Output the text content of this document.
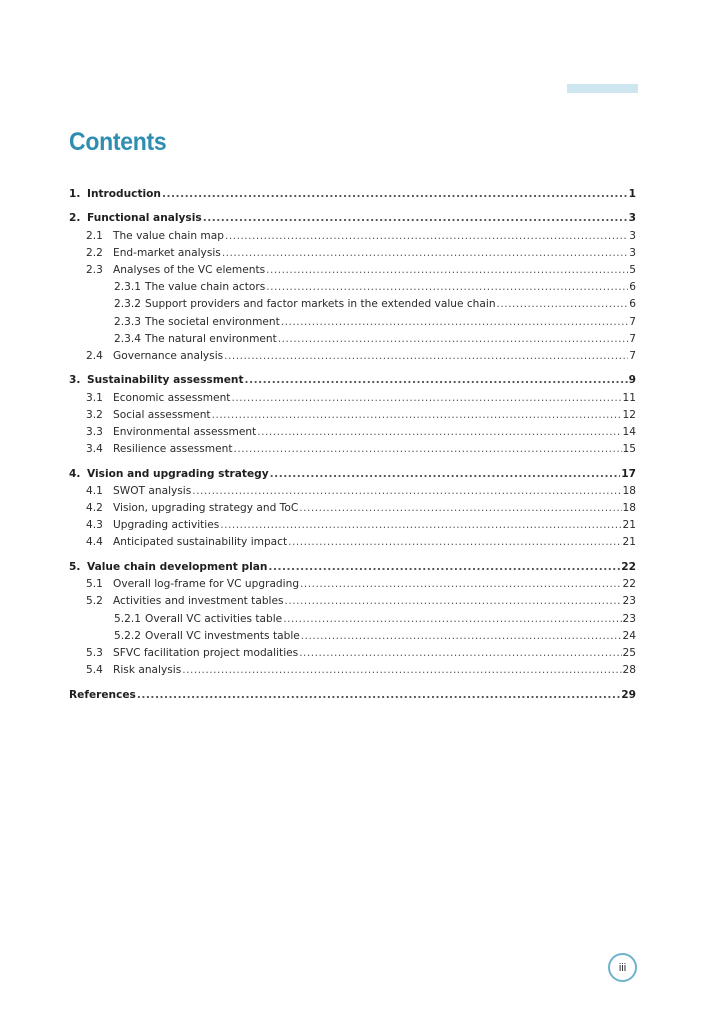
Contents
1. Introduction .....	1
2. Functional analysis .....	3
2.1 The value chain map .....	3
2.2 End-market analysis .....	3
2.3 Analyses of the VC elements .....	5
2.3.1 The value chain actors .....	6
2.3.2 Support providers and factor markets in the extended value chain .....	6
2.3.3 The societal environment .....	7
2.3.4 The natural environment .....	7
2.4 Governance analysis .....	7
3. Sustainability assessment .....	9
3.1 Economic assessment .....	11
3.2 Social assessment .....	12
3.3 Environmental assessment .....	14
3.4 Resilience assessment .....	15
4. Vision and upgrading strategy .....	17
4.1 SWOT analysis .....	18
4.2 Vision, upgrading strategy and ToC .....	18
4.3 Upgrading activities .....	21
4.4 Anticipated sustainability impact .....	21
5. Value chain development plan .....	22
5.1 Overall log-frame for VC upgrading .....	22
5.2 Activities and investment tables .....	23
5.2.1 Overall VC activities table .....	23
5.2.2 Overall VC investments table .....	24
5.3 SFVC facilitation project modalities .....	25
5.4 Risk analysis .....	28
References .....	29
iii
